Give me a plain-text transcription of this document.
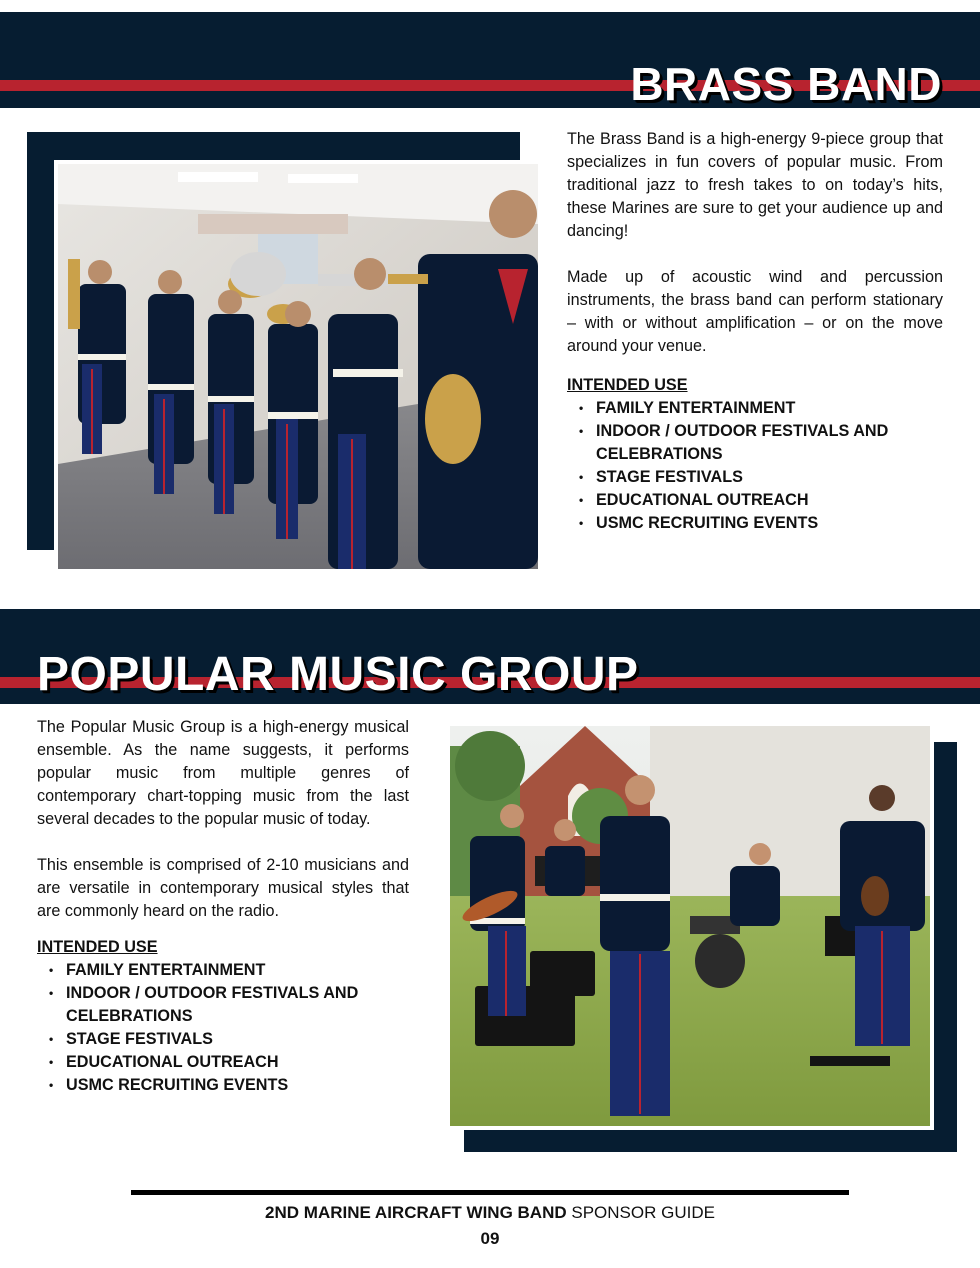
BRASS BAND

The Brass Band is a high-energy 9-piece group that specializes in fun covers of popular music. From traditional jazz to fresh takes to on today’s hits, these Marines are sure to get your audience up and dancing!

Made up of acoustic wind and percussion instruments, the brass band can perform stationary – with or without amplification – or on the move around your venue.

INTENDED USE
• FAMILY ENTERTAINMENT
• INDOOR / OUTDOOR FESTIVALS AND CELEBRATIONS
• STAGE FESTIVALS
• EDUCATIONAL OUTREACH
• USMC RECRUITING EVENTS
POPULAR MUSIC GROUP

The Popular Music Group is a high-energy musical ensemble. As the name suggests, it performs popular music from multiple genres of contemporary chart-topping music from the last several decades to the popular music of today.

This ensemble is comprised of 2-10 musicians and are versatile in contemporary musical styles that are commonly heard on the radio.

INTENDED USE
• FAMILY ENTERTAINMENT
• INDOOR / OUTDOOR FESTIVALS AND CELEBRATIONS
• STAGE FESTIVALS
• EDUCATIONAL OUTREACH
• USMC RECRUITING EVENTS
2ND MARINE AIRCRAFT WING BAND SPONSOR GUIDE
09
